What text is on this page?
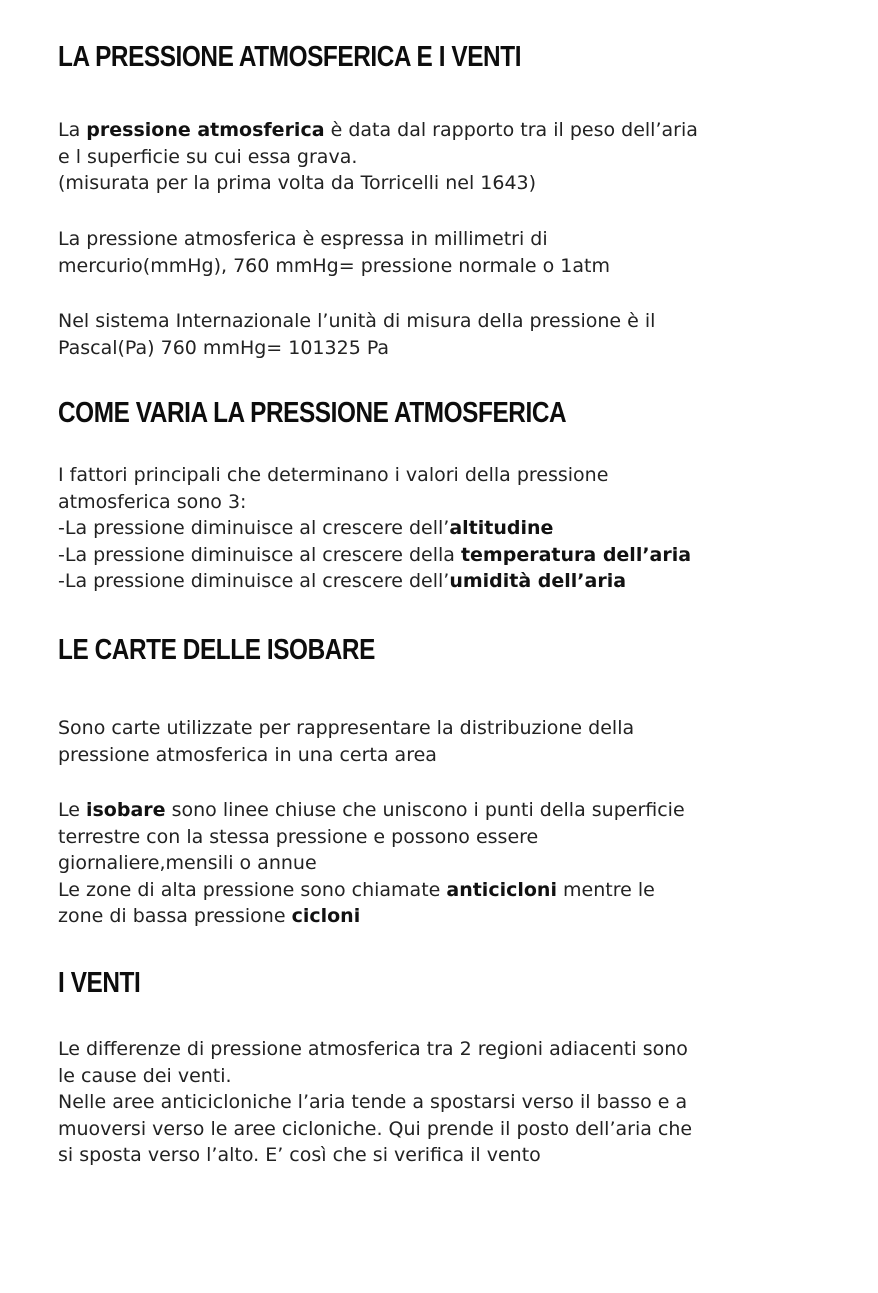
LA PRESSIONE ATMOSFERICA E I VENTI

La pressione atmosferica è data dal rapporto tra il peso dell’aria
e l superficie su cui essa grava.
(misurata per la prima volta da Torricelli nel 1643)

La pressione atmosferica è espressa in millimetri di
mercurio(mmHg), 760 mmHg= pressione normale o 1atm

Nel sistema Internazionale l’unità di misura della pressione è il
Pascal(Pa) 760 mmHg= 101325 Pa

COME VARIA LA PRESSIONE ATMOSFERICA

I fattori principali che determinano i valori della pressione
atmosferica sono 3:
-La pressione diminuisce al crescere dell’altitudine
-La pressione diminuisce al crescere della temperatura dell’aria
-La pressione diminuisce al crescere dell’umidità dell’aria

LE CARTE DELLE ISOBARE

Sono carte utilizzate per rappresentare la distribuzione della
pressione atmosferica in una certa area

Le isobare sono linee chiuse che uniscono i punti della superficie
terrestre con la stessa pressione e possono essere
giornaliere,mensili o annue
Le zone di alta pressione sono chiamate anticicloni mentre le
zone di bassa pressione cicloni

I VENTI

Le differenze di pressione atmosferica tra 2 regioni adiacenti sono
le cause dei venti.
Nelle aree anticicloniche l’aria tende a spostarsi verso il basso e a
muoversi verso le aree cicloniche. Qui prende il posto dell’aria che
si sposta verso l’alto. E’ così che si verifica il vento
